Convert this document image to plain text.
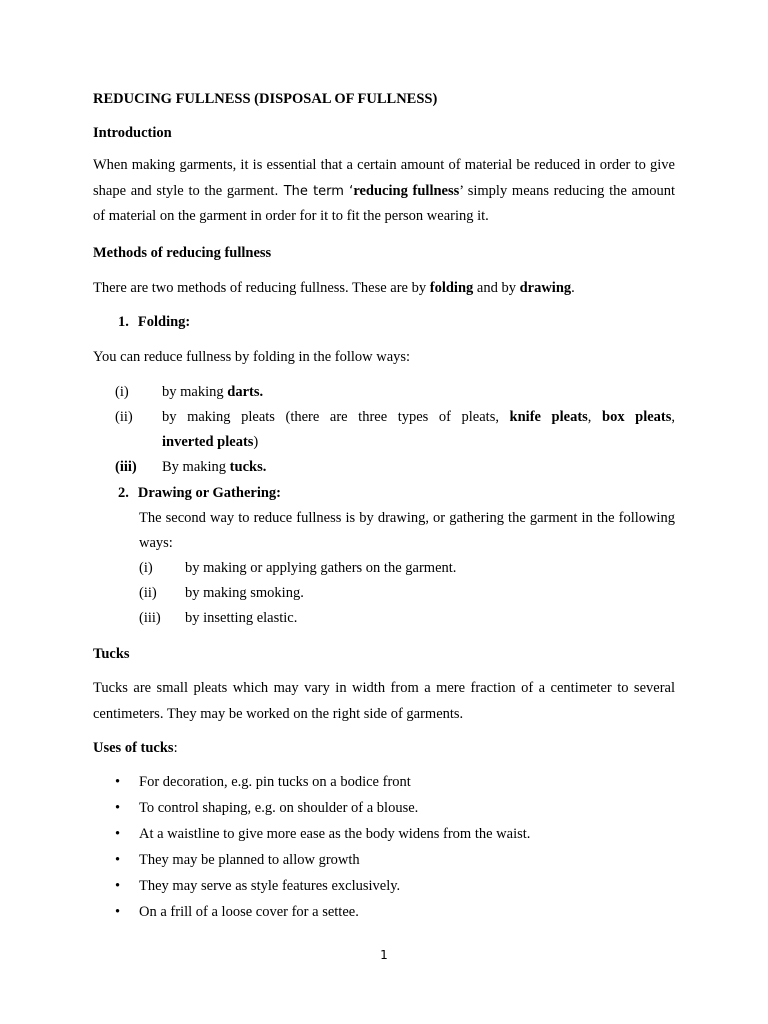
REDUCING FULLNESS (DISPOSAL OF FULLNESS)

Introduction

When making garments, it is essential that a certain amount of material be reduced in order to give shape and style to the garment. The term ‘reducing fullness’ simply means reducing the amount of material on the garment in order for it to fit the person wearing it.

Methods of reducing fullness

There are two methods of reducing fullness. These are by folding and by drawing.

1. Folding:

You can reduce fullness by folding in the follow ways:

(i) by making darts.
(ii) by making pleats (there are three types of pleats, knife pleats, box pleats,
inverted pleats)
(iii) By making tucks.
2. Drawing or Gathering:

The second way to reduce fullness is by drawing, or gathering the garment in the following ways:

(i) by making or applying gathers on the garment.
(ii) by making smoking.
(iii) by insetting elastic.

Tucks

Tucks are small pleats which may vary in width from a mere fraction of a centimeter to several centimeters. They may be worked on the right side of garments.

Uses of tucks:

• For decoration, e.g. pin tucks on a bodice front
• To control shaping, e.g. on shoulder of a blouse.
• At a waistline to give more ease as the body widens from the waist.
• They may be planned to allow growth
• They may serve as style features exclusively.
• On a frill of a loose cover for a settee.
1
